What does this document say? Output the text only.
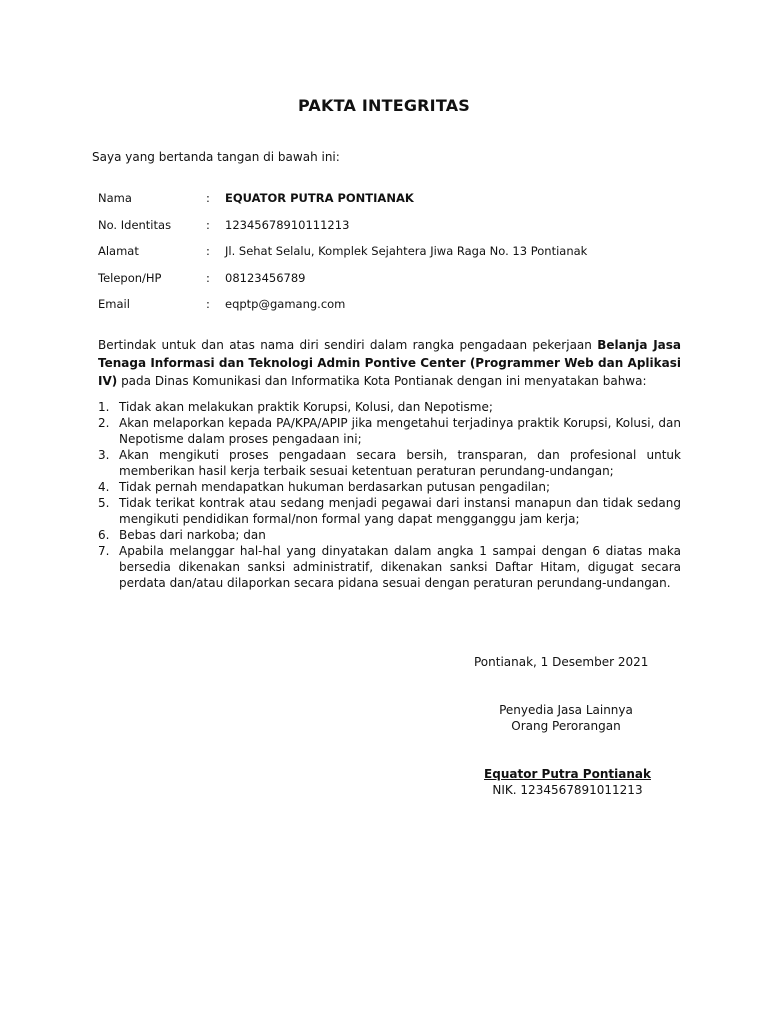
PAKTA INTEGRITAS
Saya yang bertanda tangan di bawah ini:
Nama	:	EQUATOR PUTRA PONTIANAK
No. Identitas	:	12345678910111213
Alamat	:	Jl. Sehat Selalu, Komplek Sejahtera Jiwa Raga No. 13 Pontianak
Telepon/HP	:	08123456789
Email	:	eqptp@gamang.com

Bertindak untuk dan atas nama diri sendiri dalam rangka pengadaan pekerjaan Belanja Jasa Tenaga Informasi dan Teknologi Admin Pontive Center (Programmer Web dan Aplikasi IV) pada Dinas Komunikasi dan Informatika Kota Pontianak dengan ini menyatakan bahwa:

1. Tidak akan melakukan praktik Korupsi, Kolusi, dan Nepotisme;
2. Akan melaporkan kepada PA/KPA/APIP jika mengetahui terjadinya praktik Korupsi, Kolusi, dan Nepotisme dalam proses pengadaan ini;
3. Akan mengikuti proses pengadaan secara bersih, transparan, dan profesional untuk memberikan hasil kerja terbaik sesuai ketentuan peraturan perundang-undangan;
4. Tidak pernah mendapatkan hukuman berdasarkan putusan pengadilan;
5. Tidak terikat kontrak atau sedang menjadi pegawai dari instansi manapun dan tidak sedang mengikuti pendidikan formal/non formal yang dapat mengganggu jam kerja;
6. Bebas dari narkoba; dan
7. Apabila melanggar hal-hal yang dinyatakan dalam angka 1 sampai dengan 6 diatas maka bersedia dikenakan sanksi administratif, dikenakan sanksi Daftar Hitam, digugat secara perdata dan/atau dilaporkan secara pidana sesuai dengan peraturan perundang-undangan.
Pontianak, 1 Desember 2021
Penyedia Jasa Lainnya
Orang Perorangan
Equator Putra Pontianak
NIK. 1234567891011213
